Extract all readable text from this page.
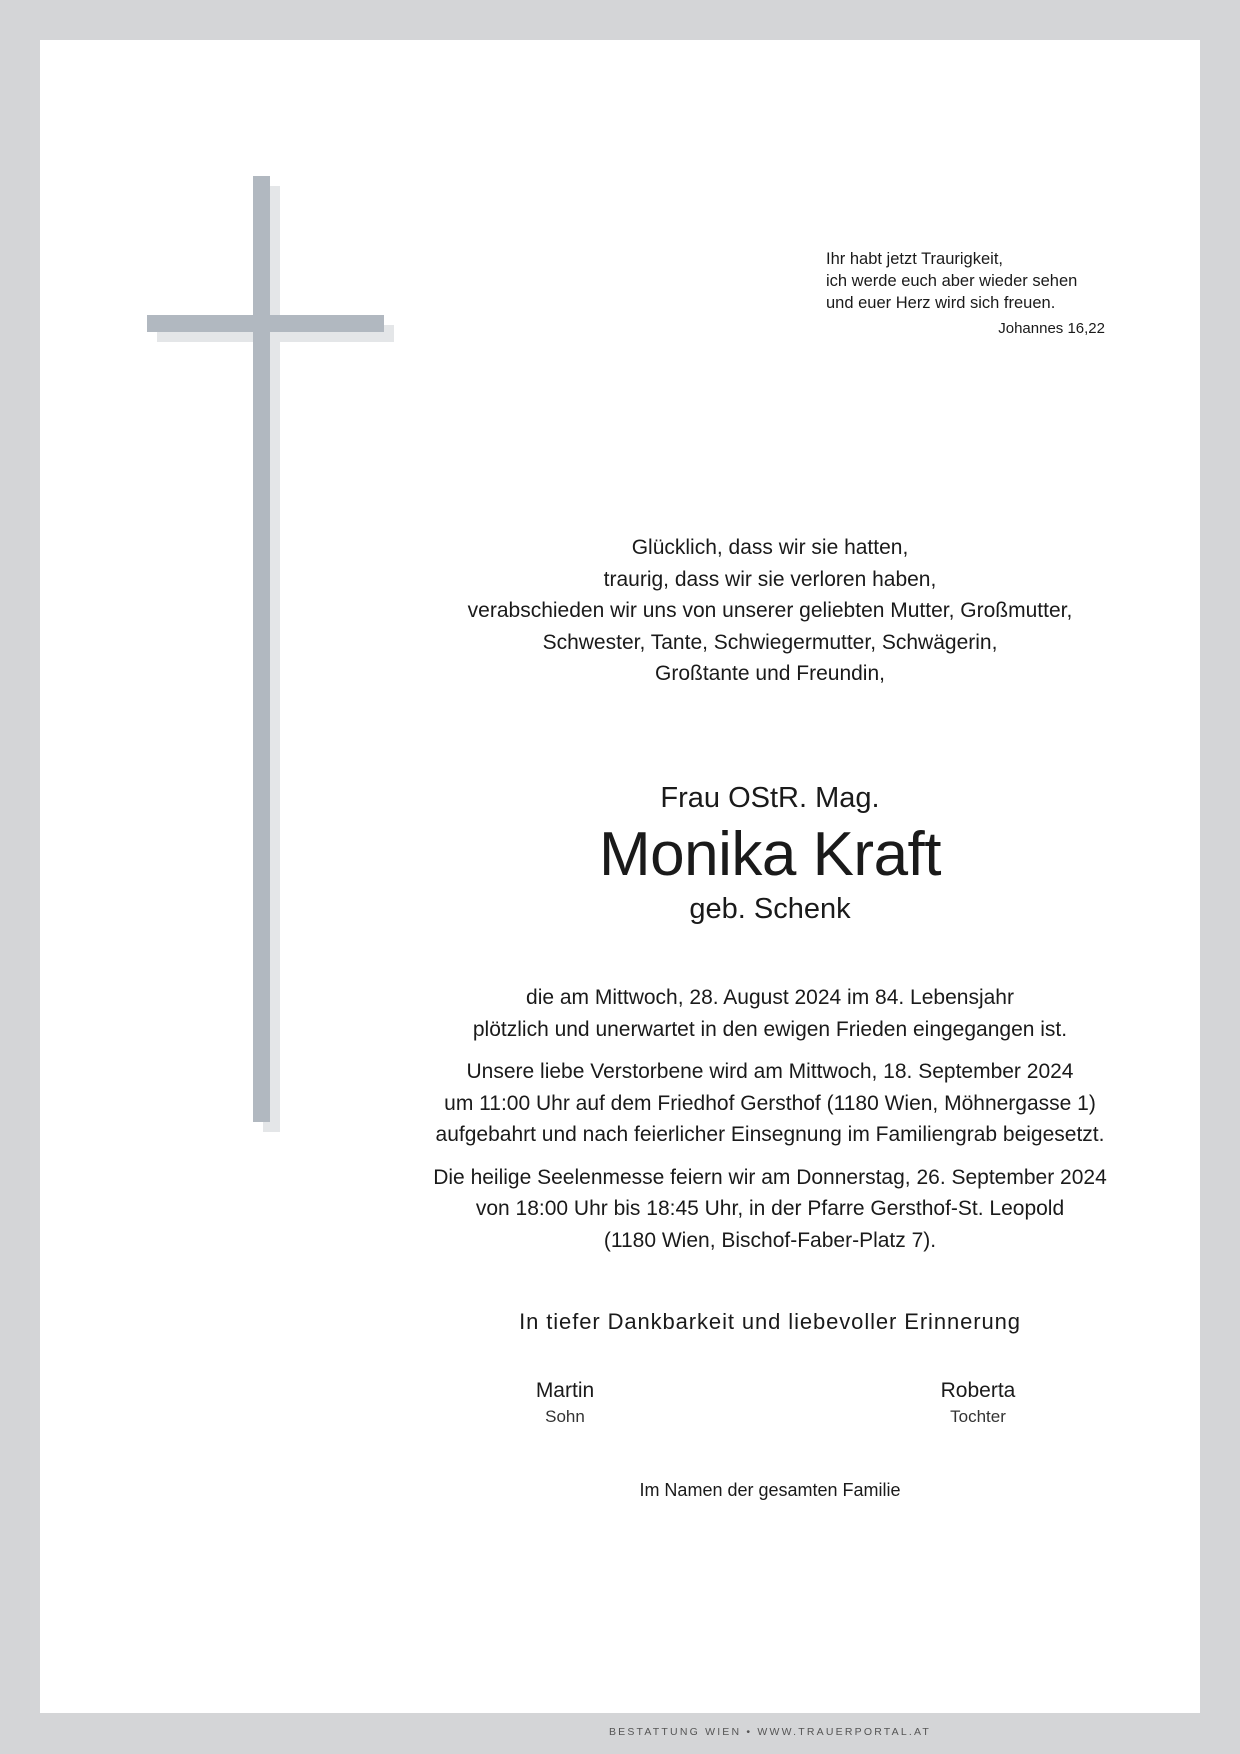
Ihr habt jetzt Traurigkeit,
ich werde euch aber wieder sehen
und euer Herz wird sich freuen.
Johannes 16,22
Glücklich, dass wir sie hatten,
traurig, dass wir sie verloren haben,
verabschieden wir uns von unserer geliebten Mutter, Großmutter,
Schwester, Tante, Schwiegermutter, Schwägerin,
Großtante und Freundin,
Frau OStR. Mag.
Monika Kraft
geb. Schenk
die am Mittwoch, 28. August 2024 im 84. Lebensjahr
plötzlich und unerwartet in den ewigen Frieden eingegangen ist.
Unsere liebe Verstorbene wird am Mittwoch, 18. September 2024
um 11:00 Uhr auf dem Friedhof Gersthof (1180 Wien, Möhnergasse 1)
aufgebahrt und nach feierlicher Einsegnung im Familiengrab beigesetzt.
Die heilige Seelenmesse feiern wir am Donnerstag, 26. September 2024
von 18:00 Uhr bis 18:45 Uhr, in der Pfarre Gersthof-St. Leopold
(1180 Wien, Bischof-Faber-Platz 7).
In tiefer Dankbarkeit und liebevoller Erinnerung
Martin
Sohn
Roberta
Tochter
Im Namen der gesamten Familie
BESTATTUNG WIEN • WWW.TRAUERPORTAL.AT
